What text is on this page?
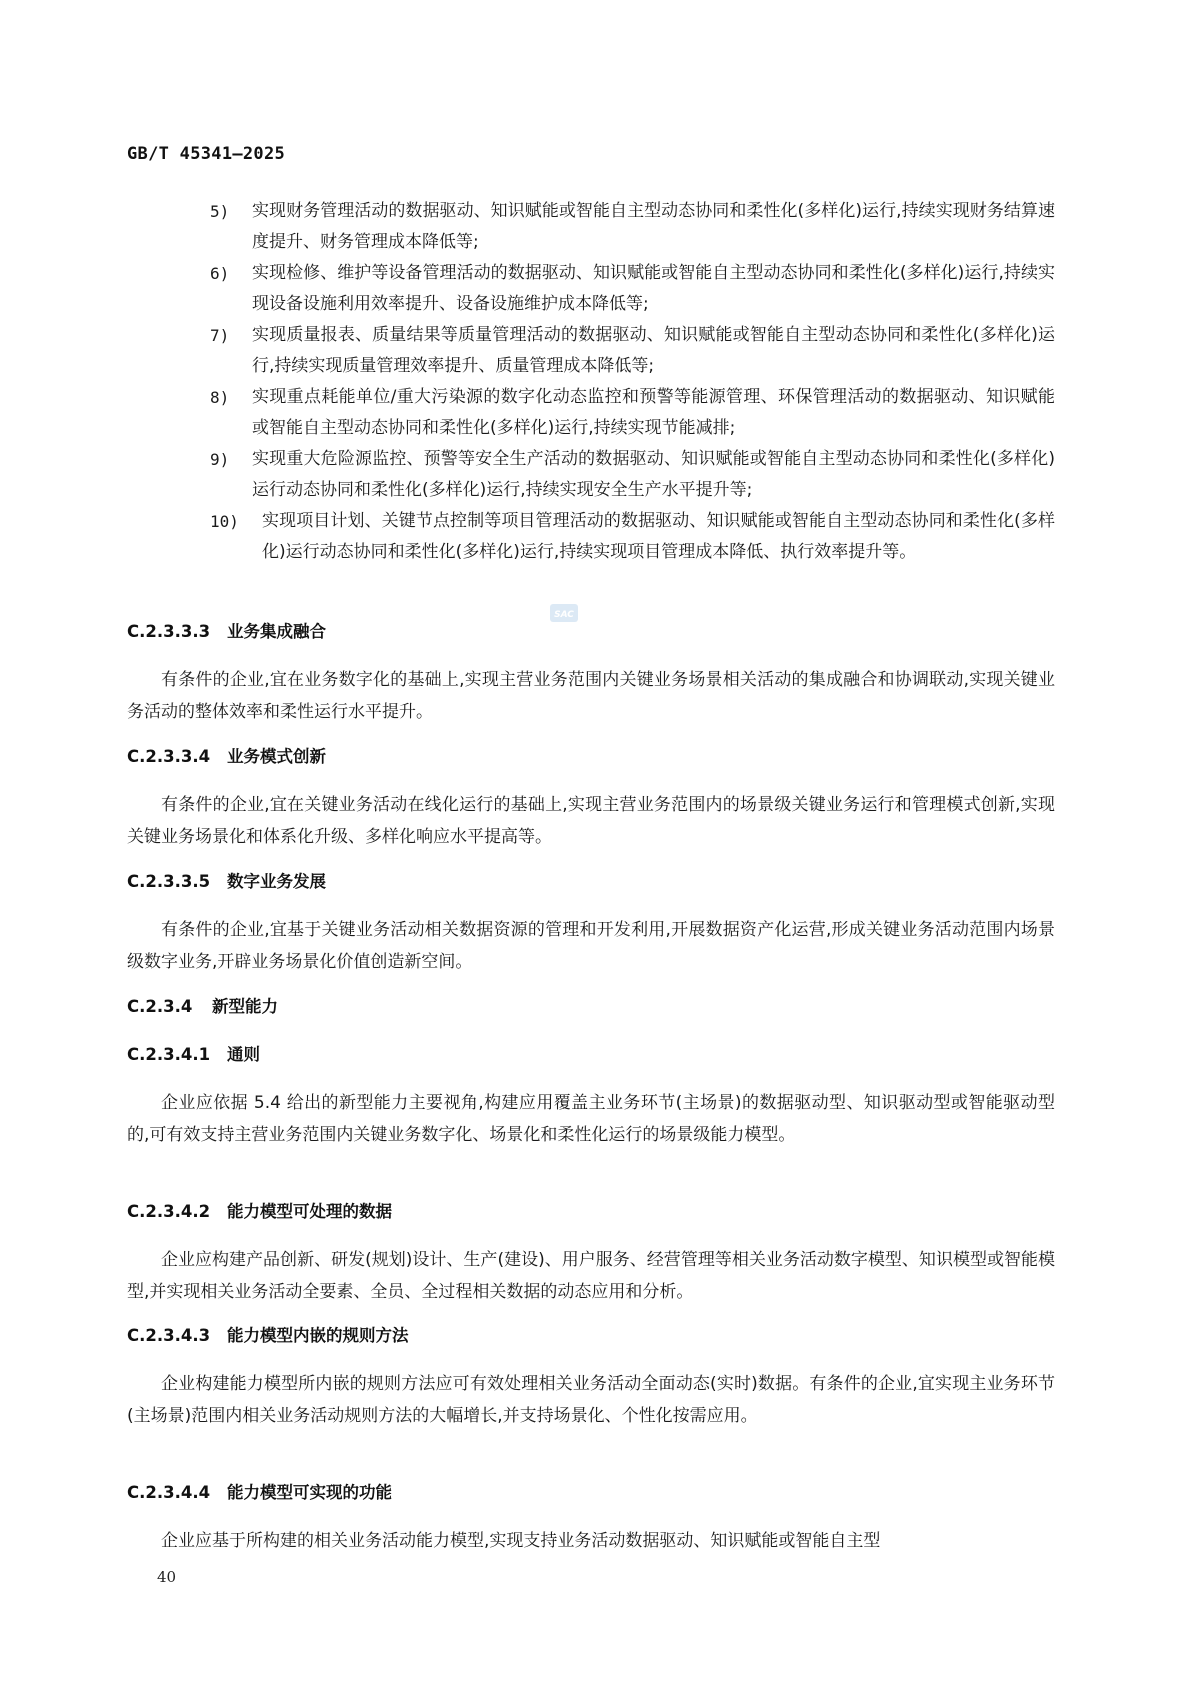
GB/T 45341—2025
5)	实现财务管理活动的数据驱动、知识赋能或智能自主型动态协同和柔性化(多样化)运行,持续实现财务结算速度提升、财务管理成本降低等;
6)	实现检修、维护等设备管理活动的数据驱动、知识赋能或智能自主型动态协同和柔性化(多样化)运行,持续实现设备设施利用效率提升、设备设施维护成本降低等;
7)	实现质量报表、质量结果等质量管理活动的数据驱动、知识赋能或智能自主型动态协同和柔性化(多样化)运行,持续实现质量管理效率提升、质量管理成本降低等;
8)	实现重点耗能单位/重大污染源的数字化动态监控和预警等能源管理、环保管理活动的数据驱动、知识赋能或智能自主型动态协同和柔性化(多样化)运行,持续实现节能减排;
9)	实现重大危险源监控、预警等安全生产活动的数据驱动、知识赋能或智能自主型动态协同和柔性化(多样化)运行动态协同和柔性化(多样化)运行,持续实现安全生产水平提升等;
10)	实现项目计划、关键节点控制等项目管理活动的数据驱动、知识赋能或智能自主型动态协同和柔性化(多样化)运行动态协同和柔性化(多样化)运行,持续实现项目管理成本降低、执行效率提升等。
SAC
C.2.3.3.3 业务集成融合
有条件的企业,宜在业务数字化的基础上,实现主营业务范围内关键业务场景相关活动的集成融合和协调联动,实现关键业务活动的整体效率和柔性运行水平提升。
C.2.3.3.4 业务模式创新
有条件的企业,宜在关键业务活动在线化运行的基础上,实现主营业务范围内的场景级关键业务运行和管理模式创新,实现关键业务场景化和体系化升级、多样化响应水平提高等。
C.2.3.3.5 数字业务发展
有条件的企业,宜基于关键业务活动相关数据资源的管理和开发利用,开展数据资产化运营,形成关键业务活动范围内场景级数字业务,开辟业务场景化价值创造新空间。
C.2.3.4 新型能力
C.2.3.4.1 通则
企业应依据 5.4 给出的新型能力主要视角,构建应用覆盖主业务环节(主场景)的数据驱动型、知识驱动型或智能驱动型的,可有效支持主营业务范围内关键业务数字化、场景化和柔性化运行的场景级能力模型。
C.2.3.4.2 能力模型可处理的数据
企业应构建产品创新、研发(规划)设计、生产(建设)、用户服务、经营管理等相关业务活动数字模型、知识模型或智能模型,并实现相关业务活动全要素、全员、全过程相关数据的动态应用和分析。
C.2.3.4.3 能力模型内嵌的规则方法
企业构建能力模型所内嵌的规则方法应可有效处理相关业务活动全面动态(实时)数据。有条件的企业,宜实现主业务环节(主场景)范围内相关业务活动规则方法的大幅增长,并支持场景化、个性化按需应用。
C.2.3.4.4 能力模型可实现的功能
企业应基于所构建的相关业务活动能力模型,实现支持业务活动数据驱动、知识赋能或智能自主型
40
